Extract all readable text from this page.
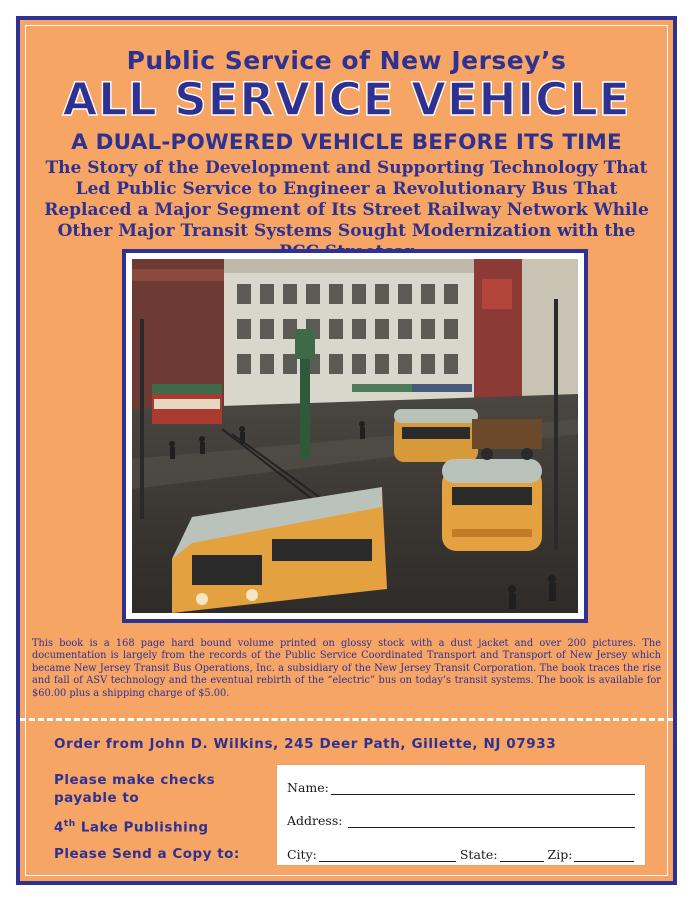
Public Service of New Jersey’s
ALL SERVICE VEHICLE
A DUAL-POWERED VEHICLE BEFORE ITS TIME
The Story of the Development and Supporting Technology That Led Public Service to Engineer a Revolutionary Bus That Replaced a Major Segment of Its Street Railway Network While Other Major Transit Systems Sought Modernization with the
This book is a 168 page hard bound volume printed on glossy stock with a dust jacket and over 200 pictures. The documentation is largely from the records of the Public Service Coordinated Transport and Transport of New Jersey which became New Jersey Transit Bus Operations, Inc. a subsidiary of the New Jersey Transit Corporation. The book traces the rise and fall of ASV technology and the eventual rebirth of the “electric” bus on today’s transit systems. The book is available for $60.00 plus a shipping charge of $5.00.
Order from John D. Wilkins, 245 Deer Path, Gillette, NJ 07933
Please make checks
payable to
4th Lake Publishing
Please Send a Copy to:
Name:
Address:
City:	State:	Zip:
